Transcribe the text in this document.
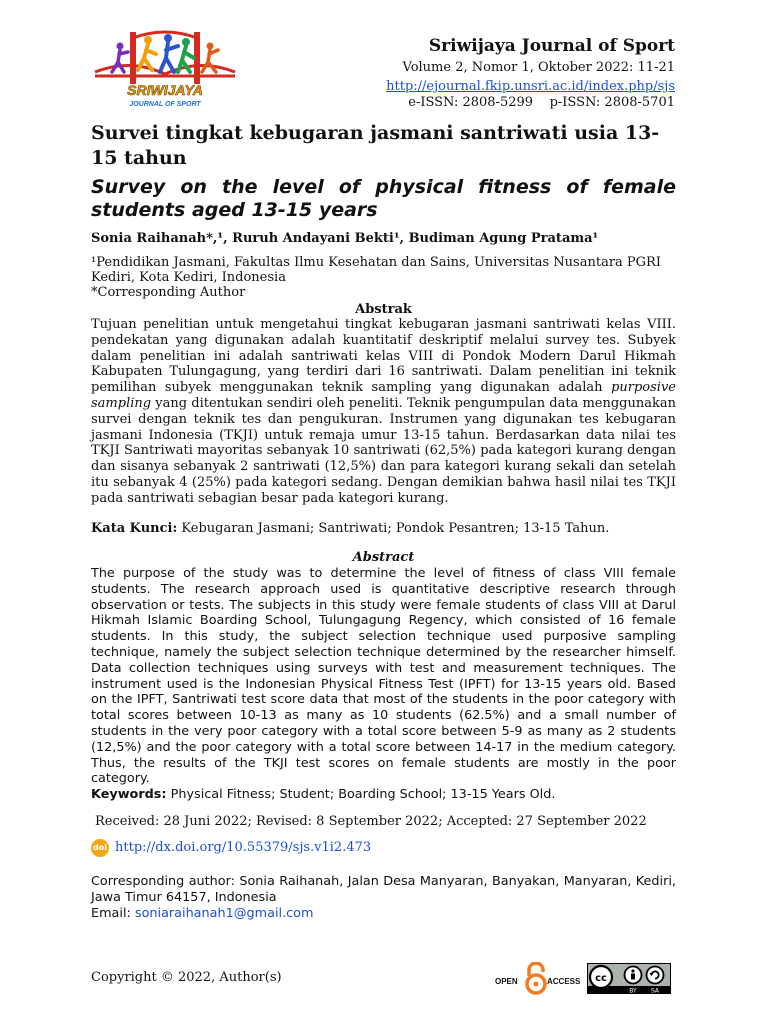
SRIWIJAYA
JOURNAL OF SPORT
Sriwijaya Journal of Sport
Volume 2, Nomor 1, Oktober 2022: 11-21
http://ejournal.fkip.unsri.ac.id/index.php/sjs
e-ISSN: 2808-5299    p-ISSN: 2808-5701
Survei tingkat kebugaran jasmani santriwati usia 13-15 tahun
Survey on the level of physical fitness of female students aged 13-15 years
Sonia Raihanah*,¹, Ruruh Andayani Bekti¹, Budiman Agung Pratama¹
¹Pendidikan Jasmani, Fakultas Ilmu Kesehatan dan Sains, Universitas Nusantara PGRI Kediri, Kota Kediri, Indonesia
*Corresponding Author
Abstrak
Tujuan penelitian untuk mengetahui tingkat kebugaran jasmani santriwati kelas VIII. pendekatan yang digunakan adalah kuantitatif deskriptif melalui survey tes. Subyek dalam penelitian ini adalah santriwati kelas VIII di Pondok Modern Darul Hikmah Kabupaten Tulungagung, yang terdiri dari 16 santriwati. Dalam penelitian ini teknik pemilihan subyek menggunakan teknik sampling yang digunakan adalah purposive sampling yang ditentukan sendiri oleh peneliti. Teknik pengumpulan data menggunakan survei dengan teknik tes dan pengukuran. Instrumen yang digunakan tes kebugaran jasmani Indonesia (TKJI) untuk remaja umur 13-15 tahun. Berdasarkan data nilai tes TKJI Santriwati mayoritas sebanyak 10 santriwati (62,5%) pada kategori kurang dengan dan sisanya sebanyak 2 santriwati (12,5%) dan para kategori kurang sekali dan setelah itu sebanyak 4 (25%) pada kategori sedang. Dengan demikian bahwa hasil nilai tes TKJI pada santriwati sebagian besar pada kategori kurang.
Kata Kunci: Kebugaran Jasmani; Santriwati; Pondok Pesantren; 13-15 Tahun.
Abstract
The purpose of the study was to determine the level of fitness of class VIII female students. The research approach used is quantitative descriptive research through observation or tests. The subjects in this study were female students of class VIII at Darul Hikmah Islamic Boarding School, Tulungagung Regency, which consisted of 16 female students. In this study, the subject selection technique used purposive sampling technique, namely the subject selection technique determined by the researcher himself. Data collection techniques using surveys with test and measurement techniques. The instrument used is the Indonesian Physical Fitness Test (IPFT) for 13-15 years old. Based on the IPFT, Santriwati test score data that most of the students in the poor category with total scores between 10-13 as many as 10 students (62.5%) and a small number of students in the very poor category with a total score between 5-9 as many as 2 students (12,5%) and the poor category with a total score between 14-17 in the medium category. Thus, the results of the TKJI test scores on female students are mostly in the poor category.
Keywords: Physical Fitness; Student; Boarding School; 13-15 Years Old.
Received: 28 Juni 2022; Revised: 8 September 2022; Accepted: 27 September 2022
doi http://dx.doi.org/10.55379/sjs.v1i2.473
Corresponding author: Sonia Raihanah, Jalan Desa Manyaran, Banyakan, Manyaran, Kediri, Jawa Timur 64157, Indonesia
Email: soniaraihanah1@gmail.com
Copyright © 2022, Author(s)	OPEN	ACCESS cc
BY SA
